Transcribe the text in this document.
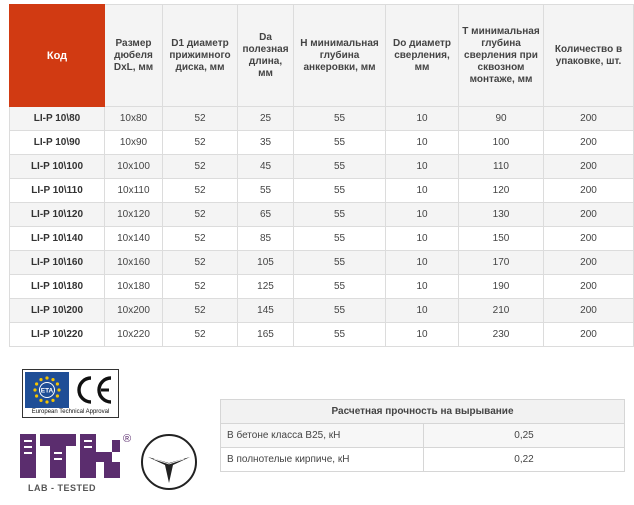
Код	Размер дюбеля DxL, мм	D1 диаметр прижимного диска, мм	Da полезная длина, мм	H минимальная глубина анкеровки, мм	Do диаметр сверления, мм	T минимальная глубина сверления при сквозном монтаже, мм	Количество в упаковке, шт.
LI-P 10\80	10x80	52	25	55	10	90	200
LI-P 10\90	10x90	52	35	55	10	100	200
LI-P 10\100	10x100	52	45	55	10	110	200
LI-P 10\110	10x110	52	55	55	10	120	200
LI-P 10\120	10x120	52	65	55	10	130	200
LI-P 10\140	10x140	52	85	55	10	150	200
LI-P 10\160	10x160	52	105	55	10	170	200
LI-P 10\180	10x180	52	125	55	10	190	200
LI-P 10\200	10x200	52	145	55	10	210	200
LI-P 10\220	10x220	52	165	55	10	230	200
ETA
European Technical Approval
®
LAB - TESTED
Расчетная прочность на вырывание	
В бетоне класса В25, кН	0,25
В полнотелые кирпиче, кН	0,22
